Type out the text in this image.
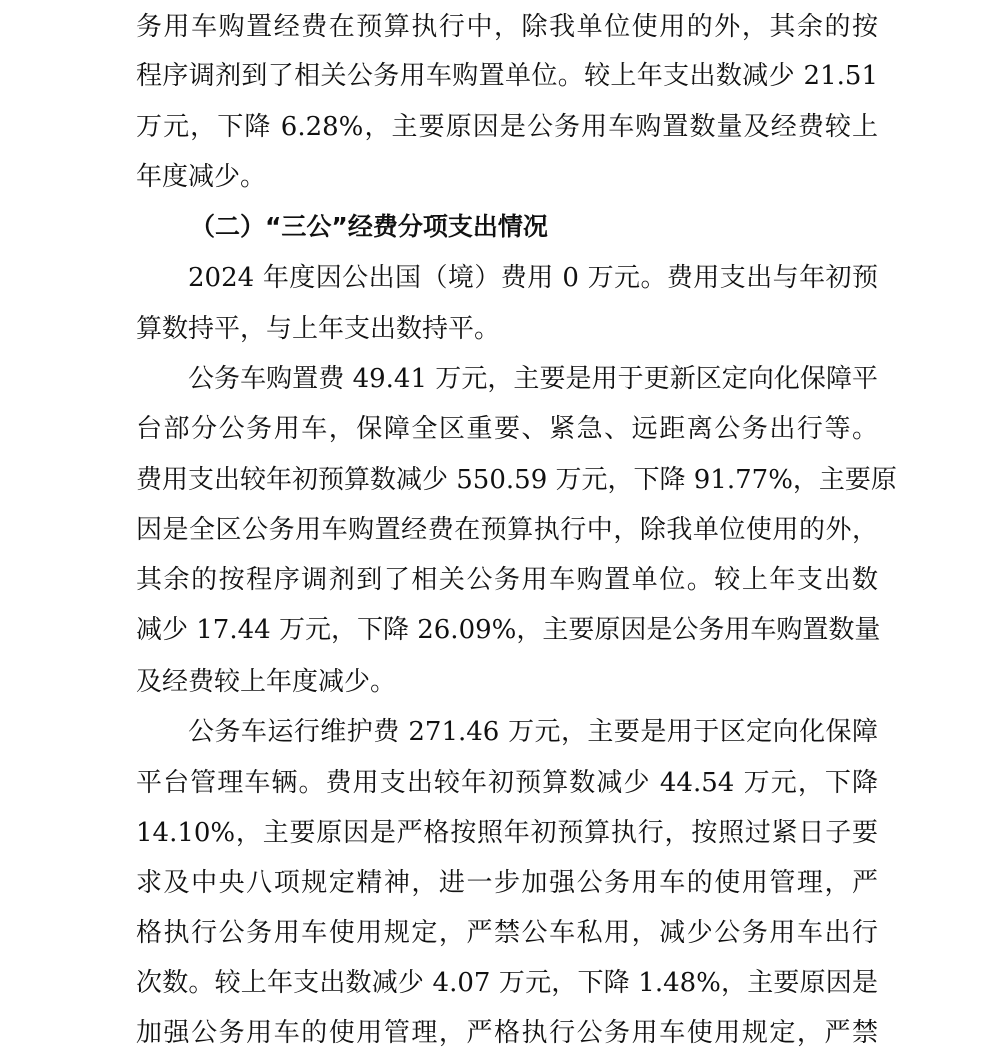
务用车购置经费在预算执行中，除我单位使用的外，其余的按
程序调剂到了相关公务用车购置单位。较上年支出数减少 21.51
万元，下降 6.28%，主要原因是公务用车购置数量及经费较上
年度减少。
（二）“三公”经费分项支出情况
2024 年度因公出国（境）费用 0 万元。费用支出与年初预
算数持平，与上年支出数持平。
公务车购置费 49.41 万元，主要是用于更新区定向化保障平
台部分公务用车，保障全区重要、紧急、远距离公务出行等。
费用支出较年初预算数减少 550.59 万元，下降 91.77%，主要原
因是全区公务用车购置经费在预算执行中，除我单位使用的外，
其余的按程序调剂到了相关公务用车购置单位。较上年支出数
减少 17.44 万元，下降 26.09%，主要原因是公务用车购置数量
及经费较上年度减少。
公务车运行维护费 271.46 万元，主要是用于区定向化保障
平台管理车辆。费用支出较年初预算数减少 44.54 万元，下降
14.10%，主要原因是严格按照年初预算执行，按照过紧日子要
求及中央八项规定精神，进一步加强公务用车的使用管理，严
格执行公务用车使用规定，严禁公车私用，减少公务用车出行
次数。较上年支出数减少 4.07 万元，下降 1.48%，主要原因是
加强公务用车的使用管理，严格执行公务用车使用规定，严禁
